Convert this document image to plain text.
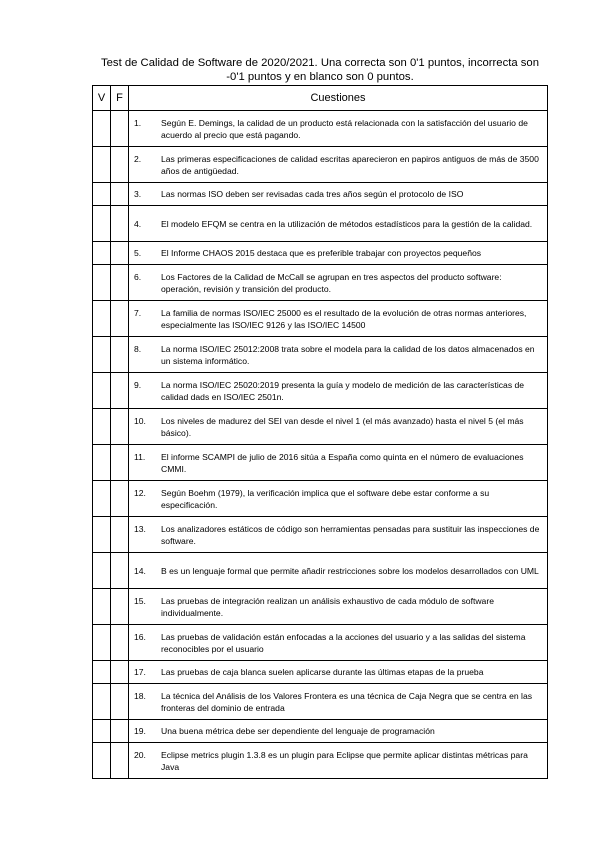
Test de Calidad de Software de 2020/2021. Una correcta son 0'1 puntos, incorrecta son
-0'1 puntos y en blanco son 0 puntos.
V	F	Cuestiones
		1. Según E. Demings, la calidad de un producto está relacionada con la satisfacción del usuario de acuerdo al precio que está pagando.
		2. Las primeras especificaciones de calidad escritas aparecieron en papiros antiguos de más de 3500 años de antigüedad.
		3. Las normas ISO deben ser revisadas cada tres años según el protocolo de ISO
		4. El modelo EFQM se centra en la utilización de métodos estadísticos para la gestión de la calidad.
		5. El Informe CHAOS 2015 destaca que es preferible trabajar con proyectos pequeños
		6. Los Factores de la Calidad de McCall se agrupan en tres aspectos del producto software: operación, revisión y transición del producto.
		7. La familia de normas ISO/IEC 25000 es el resultado de la evolución de otras normas anteriores, especialmente las ISO/IEC 9126 y las ISO/IEC 14500
		8. La norma ISO/IEC 25012:2008 trata sobre el modela para la calidad de los datos almacenados en un sistema informático.
		9. La norma ISO/IEC 25020:2019 presenta la guía y modelo de medición de las características de calidad dads en ISO/IEC 2501n.
		10. Los niveles de madurez del SEI van desde el nivel 1 (el más avanzado) hasta el nivel 5 (el más básico).
		11. El informe SCAMPI de julio de 2016 sitúa a España como quinta en el número de evaluaciones CMMI.
		12. Según Boehm (1979), la verificación implica que el software debe estar conforme a su especificación.
		13. Los analizadores estáticos de código son herramientas pensadas para sustituir las inspecciones de software.
		14. B es un lenguaje formal que permite añadir restricciones sobre los modelos desarrollados con UML
		15. Las pruebas de integración realizan un análisis exhaustivo de cada módulo de software individualmente.
		16. Las pruebas de validación están enfocadas a la acciones del usuario y a las salidas del sistema reconocibles por el usuario
		17. Las pruebas de caja blanca suelen aplicarse durante las últimas etapas de la prueba
		18. La técnica del Análisis de los Valores Frontera es una técnica de Caja Negra que se centra en las fronteras del dominio de entrada
		19. Una buena métrica debe ser dependiente del lenguaje de programación
		20. Eclipse metrics plugin 1.3.8 es un plugin para Eclipse que permite aplicar distintas métricas para Java
